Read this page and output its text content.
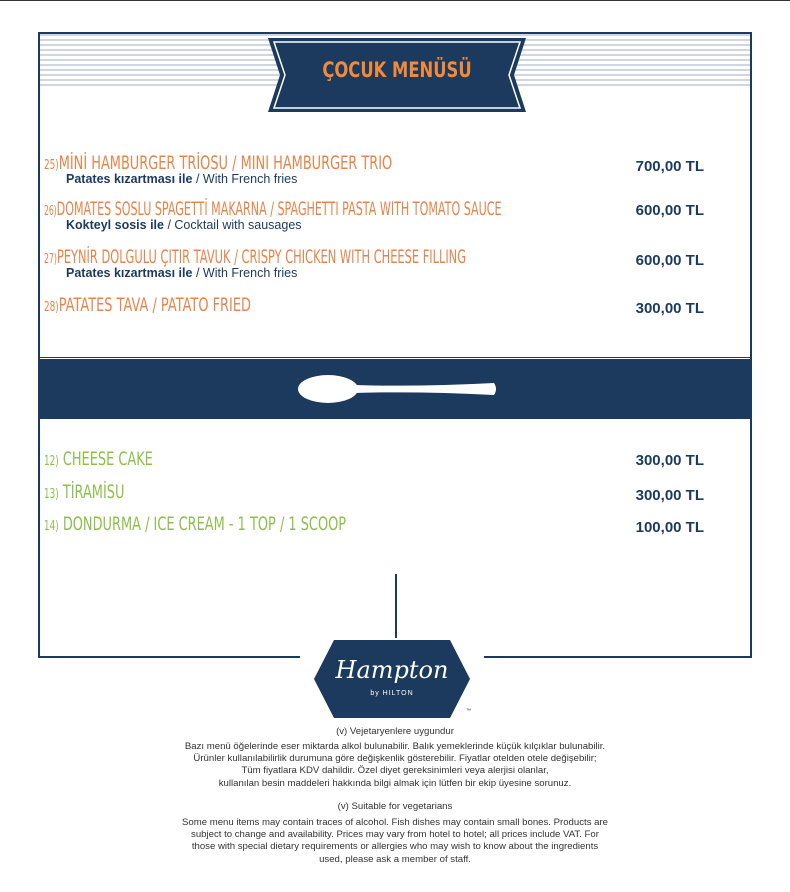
ÇOCUK MENÜSÜ
25)MİNİ HAMBURGER TRİOSU / MINI HAMBURGER TRIO
Patates kızartması ile / With French fries
700,00 TL
26)DOMATES SOSLU SPAGETTİ MAKARNA / SPAGHETTI PASTA WITH TOMATO SAUCE
Kokteyl sosis ile / Cocktail with sausages
600,00 TL
27)PEYNİR DOLGULU ÇITIR TAVUK / CRISPY CHICKEN WITH CHEESE FILLING
Patates kızartması ile / With French fries
600,00 TL
28)PATATES TAVA / PATATO FRIED	300,00 TL
12) CHEESE CAKE	300,00 TL
13) TİRAMİSU	300,00 TL
14) DONDURMA / ICE CREAM - 1 TOP / 1 SCOOP	100,00 TL
Hampton
by HILTON
™
(v) Vejetaryenlere uygundur
Bazı menü öğelerinde eser miktarda alkol bulunabilir. Balık yemeklerinde küçük kılçıklar bulunabilir.
Ürünler kullanılabilirlik durumuna göre değişkenlik gösterebilir. Fiyatlar otelden otele değişebilir;
Tüm fiyatlara KDV dahildir. Özel diyet gereksinimleri veya alerjisi olanlar,
kullanılan besin maddeleri hakkında bilgi almak için lütfen bir ekip üyesine sorunuz.
(v) Suitable for vegetarians
Some menu items may contain traces of alcohol. Fish dishes may contain small bones. Products are
subject to change and availability. Prices may vary from hotel to hotel; all prices include VAT. For
those with special dietary requirements or allergies who may wish to know about the ingredients
used, please ask a member of staff.
